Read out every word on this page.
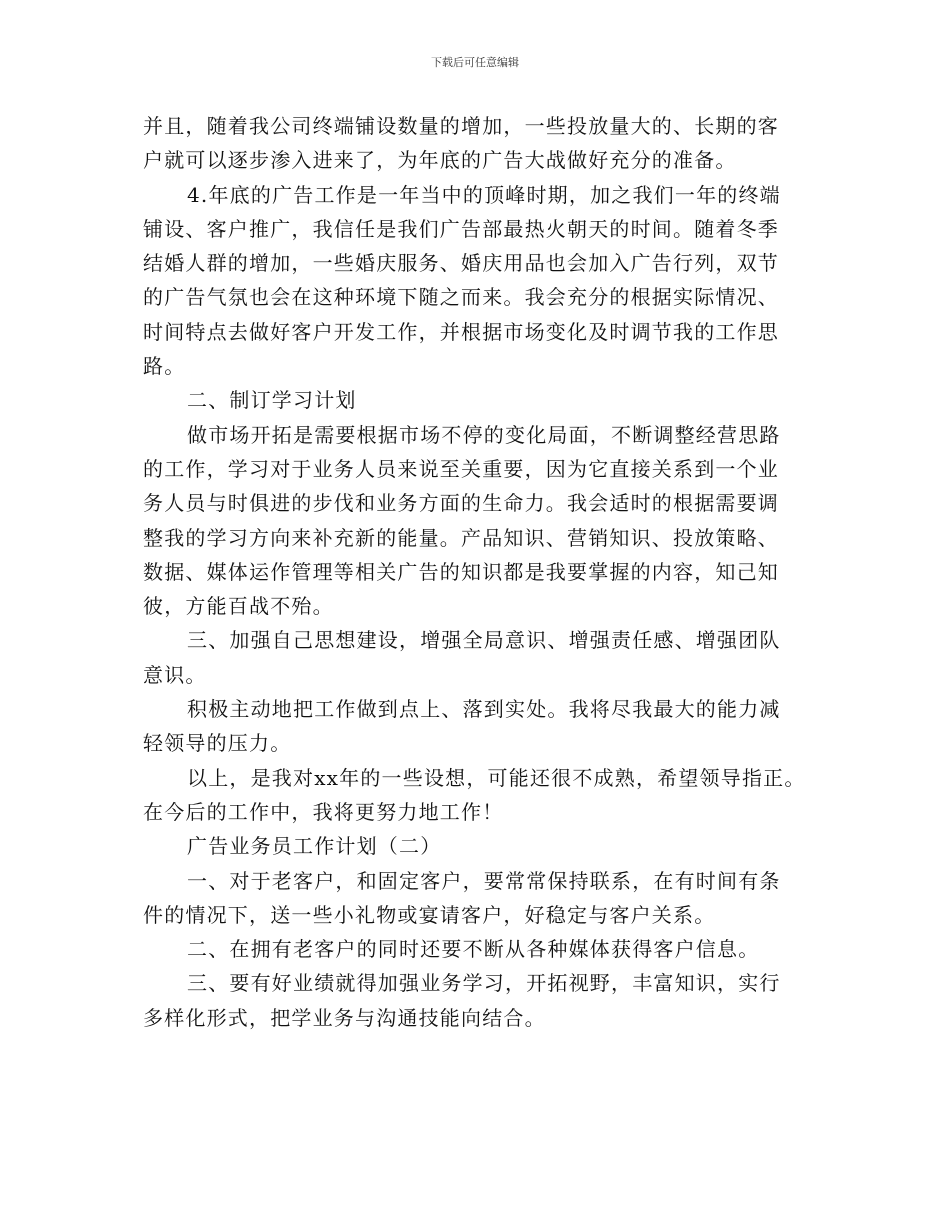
下载后可任意编辑
并且，随着我公司终端铺设数量的增加，一些投放量大的、长期的客
户就可以逐步渗入进来了，为年底的广告大战做好充分的准备。
4.年底的广告工作是一年当中的顶峰时期，加之我们一年的终端
铺设、客户推广，我信任是我们广告部最热火朝天的时间。随着冬季
结婚人群的增加，一些婚庆服务、婚庆用品也会加入广告行列，双节
的广告气氛也会在这种环境下随之而来。我会充分的根据实际情况、
时间特点去做好客户开发工作，并根据市场变化及时调节我的工作思
路。
二、制订学习计划
做市场开拓是需要根据市场不停的变化局面，不断调整经营思路
的工作，学习对于业务人员来说至关重要，因为它直接关系到一个业
务人员与时俱进的步伐和业务方面的生命力。我会适时的根据需要调
整我的学习方向来补充新的能量。产品知识、营销知识、投放策略、
数据、媒体运作管理等相关广告的知识都是我要掌握的内容，知己知
彼，方能百战不殆。
三、加强自己思想建设，增强全局意识、增强责任感、增强团队
意识。
积极主动地把工作做到点上、落到实处。我将尽我最大的能力减
轻领导的压力。
以上，是我对xx年的一些设想，可能还很不成熟，希望领导指正。
在今后的工作中，我将更努力地工作！
广告业务员工作计划（二）
一、对于老客户，和固定客户，要常常保持联系，在有时间有条
件的情况下，送一些小礼物或宴请客户，好稳定与客户关系。
二、在拥有老客户的同时还要不断从各种媒体获得客户信息。
三、要有好业绩就得加强业务学习，开拓视野，丰富知识，实行
多样化形式，把学业务与沟通技能向结合。
